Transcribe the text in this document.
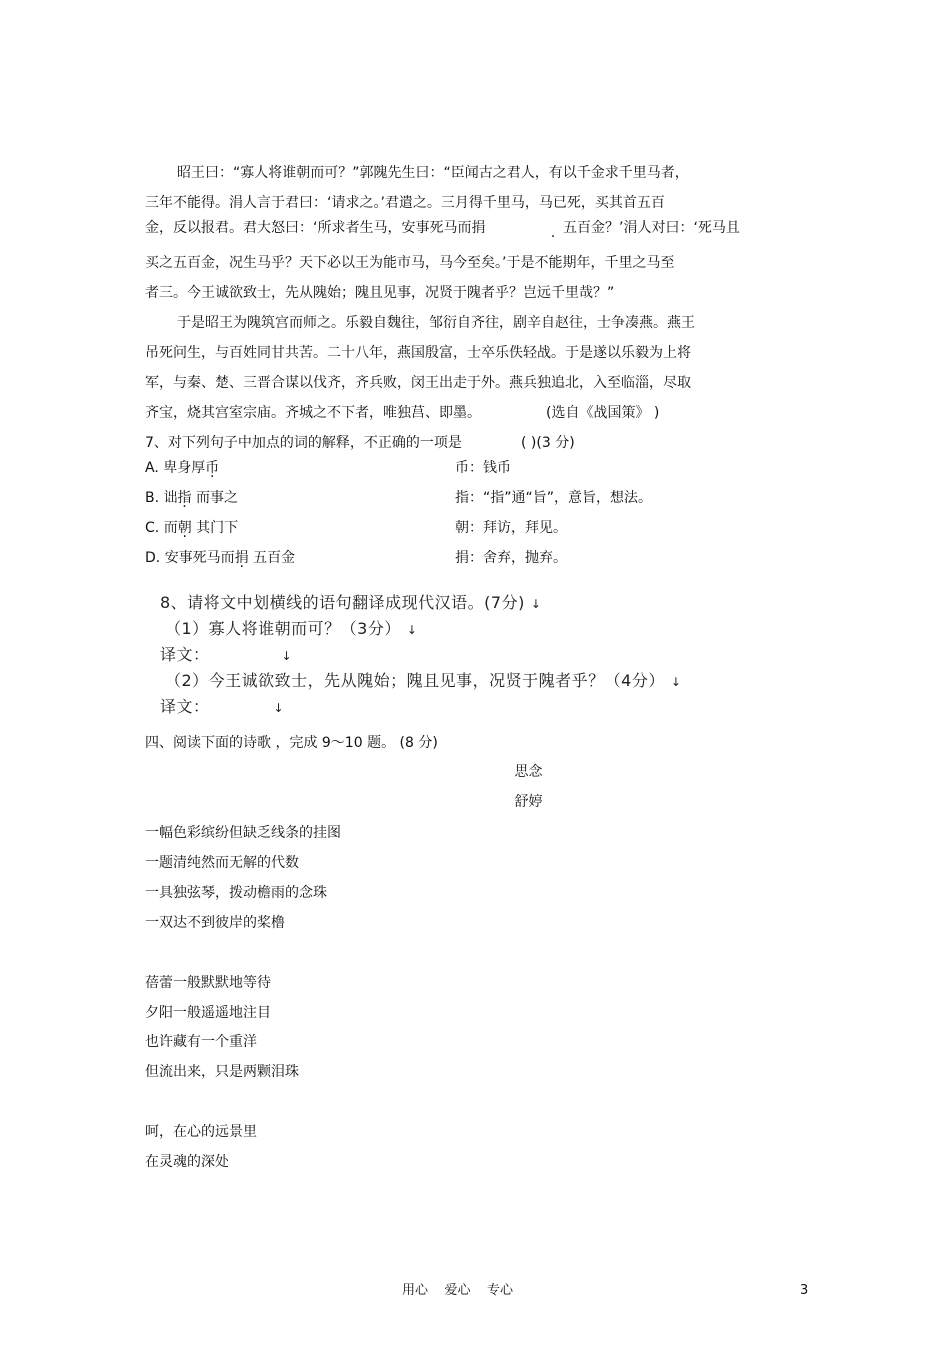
昭王曰：“寡人将谁朝而可？”郭隗先生曰：“臣闻古之君人，有以千金求千里马者，
三年不能得。涓人言于君曰：‘请求之。’君遣之。三月得千里马，马已死，买其首五百
金，反以报君。君大怒曰：‘所求者生马，安事死马而捐	五百金？’涓人对曰：‘死马且
买之五百金，况生马乎？天下必以王为能市马，马今至矣。’于是不能期年，千里之马至
者三。今王诚欲致士，先从隗始；隗且见事，况贤于隗者乎？岂远千里哉？”
于是昭王为隗筑宫而师之。乐毅自魏往，邹衍自齐往，剧辛自赵往，士争凑燕。燕王
吊死问生，与百姓同甘共苦。二十八年，燕国殷富，士卒乐佚轻战。于是遂以乐毅为上将
军，与秦、楚、三晋合谋以伐齐，齐兵败，闵王出走于外。燕兵独追北，入至临淄，尽取
齐宝，烧其宫室宗庙。齐城之不下者，唯独莒、即墨。	(选自《战国策》 )
7、对下列句子中加点的词的解释，不正确的一项是	( )(3 分)
A. 卑身厚币	币：钱币
B. 诎指 而事之	指：“指”通“旨”，意旨，想法。
C. 而朝 其门下	朝：拜访，拜见。
D. 安事死马而捐 五百金	捐：舍弃，抛弃。
8、请将文中划横线的语句翻译成现代汉语。(7分) ↓
（1）寡人将谁朝而可？（3分） ↓
译文：	↓
（2）今王诚欲致士，先从隗始；隗且见事，况贤于隗者乎？（4分） ↓
译文：	↓
四、阅读下面的诗歌 ，完成 9～10 题。 (8 分)
思念
舒婷
一幅色彩缤纷但缺乏线条的挂图
一题清纯然而无解的代数
一具独弦琴，拨动檐雨的念珠
一双达不到彼岸的桨橹
蓓蕾一般默默地等待
夕阳一般遥遥地注目
也许藏有一个重洋
但流出来，只是两颗泪珠
呵，在心的远景里
在灵魂的深处
用心    爱心    专心	3
